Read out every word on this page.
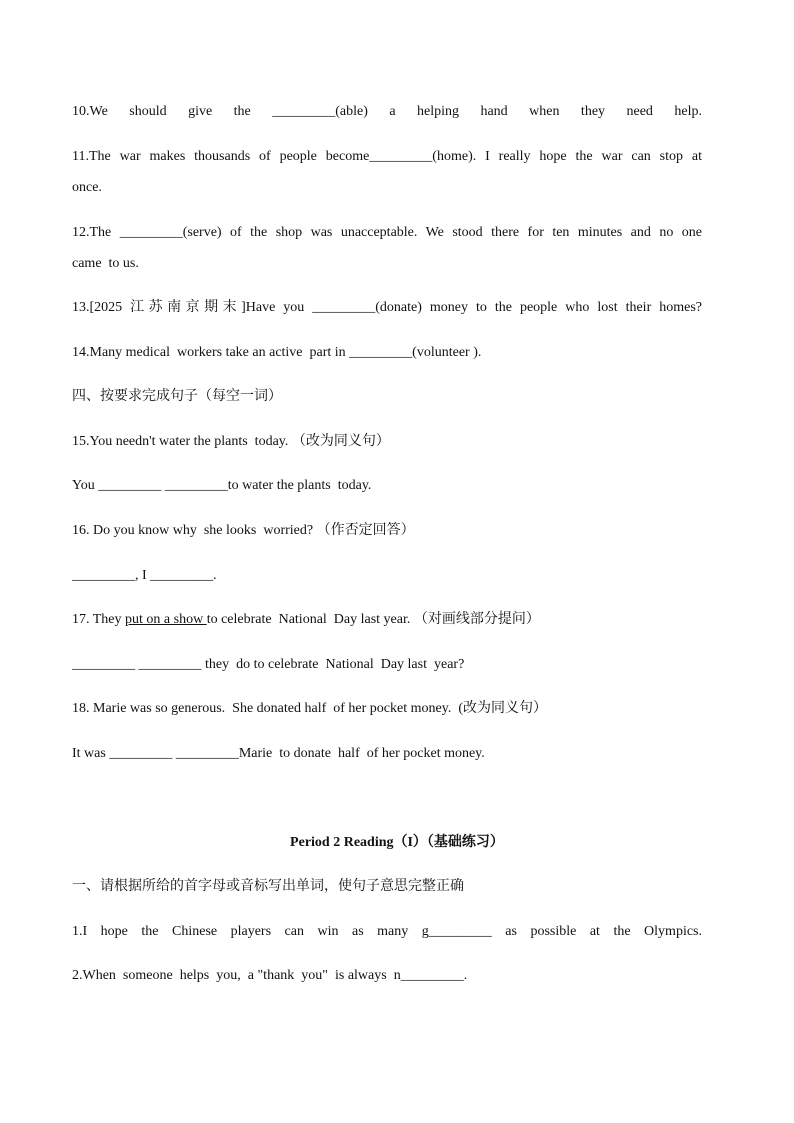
10.We should give the _________(able) a helping hand when they need help.
11.The war makes thousands of people become_________(home). I really hope the war can stop at
once.
12.The _________(serve) of the shop was unacceptable. We stood there for ten minutes and no one
came  to us.
13.[2025 江苏南京期末]Have you _________(donate) money to the people who lost their homes?
14.Many medical  workers take an active  part in _________(volunteer ).
四、按要求完成句子（每空一词）
15.You needn't water the plants  today. （改为同义句）
You _________ _________to water the plants  today.
16. Do you know why  she looks  worried? （作否定回答）
_________, I _________.
17. They put on a show to celebrate  National  Day last year. （对画线部分提问）
_________ _________ they  do to celebrate  National  Day last  year?
18. Marie was so generous.  She donated half  of her pocket money.  (改为同义句）
It was _________ _________Marie  to donate  half  of her pocket money.
Period 2 Reading（I）（基础练习）
一、请根据所给的首字母或音标写出单词，使句子意思完整正确
1.I hope the Chinese players can win as many g_________ as possible at the Olympics.
2.When  someone  helps  you,  a "thank  you"  is always  n_________.
